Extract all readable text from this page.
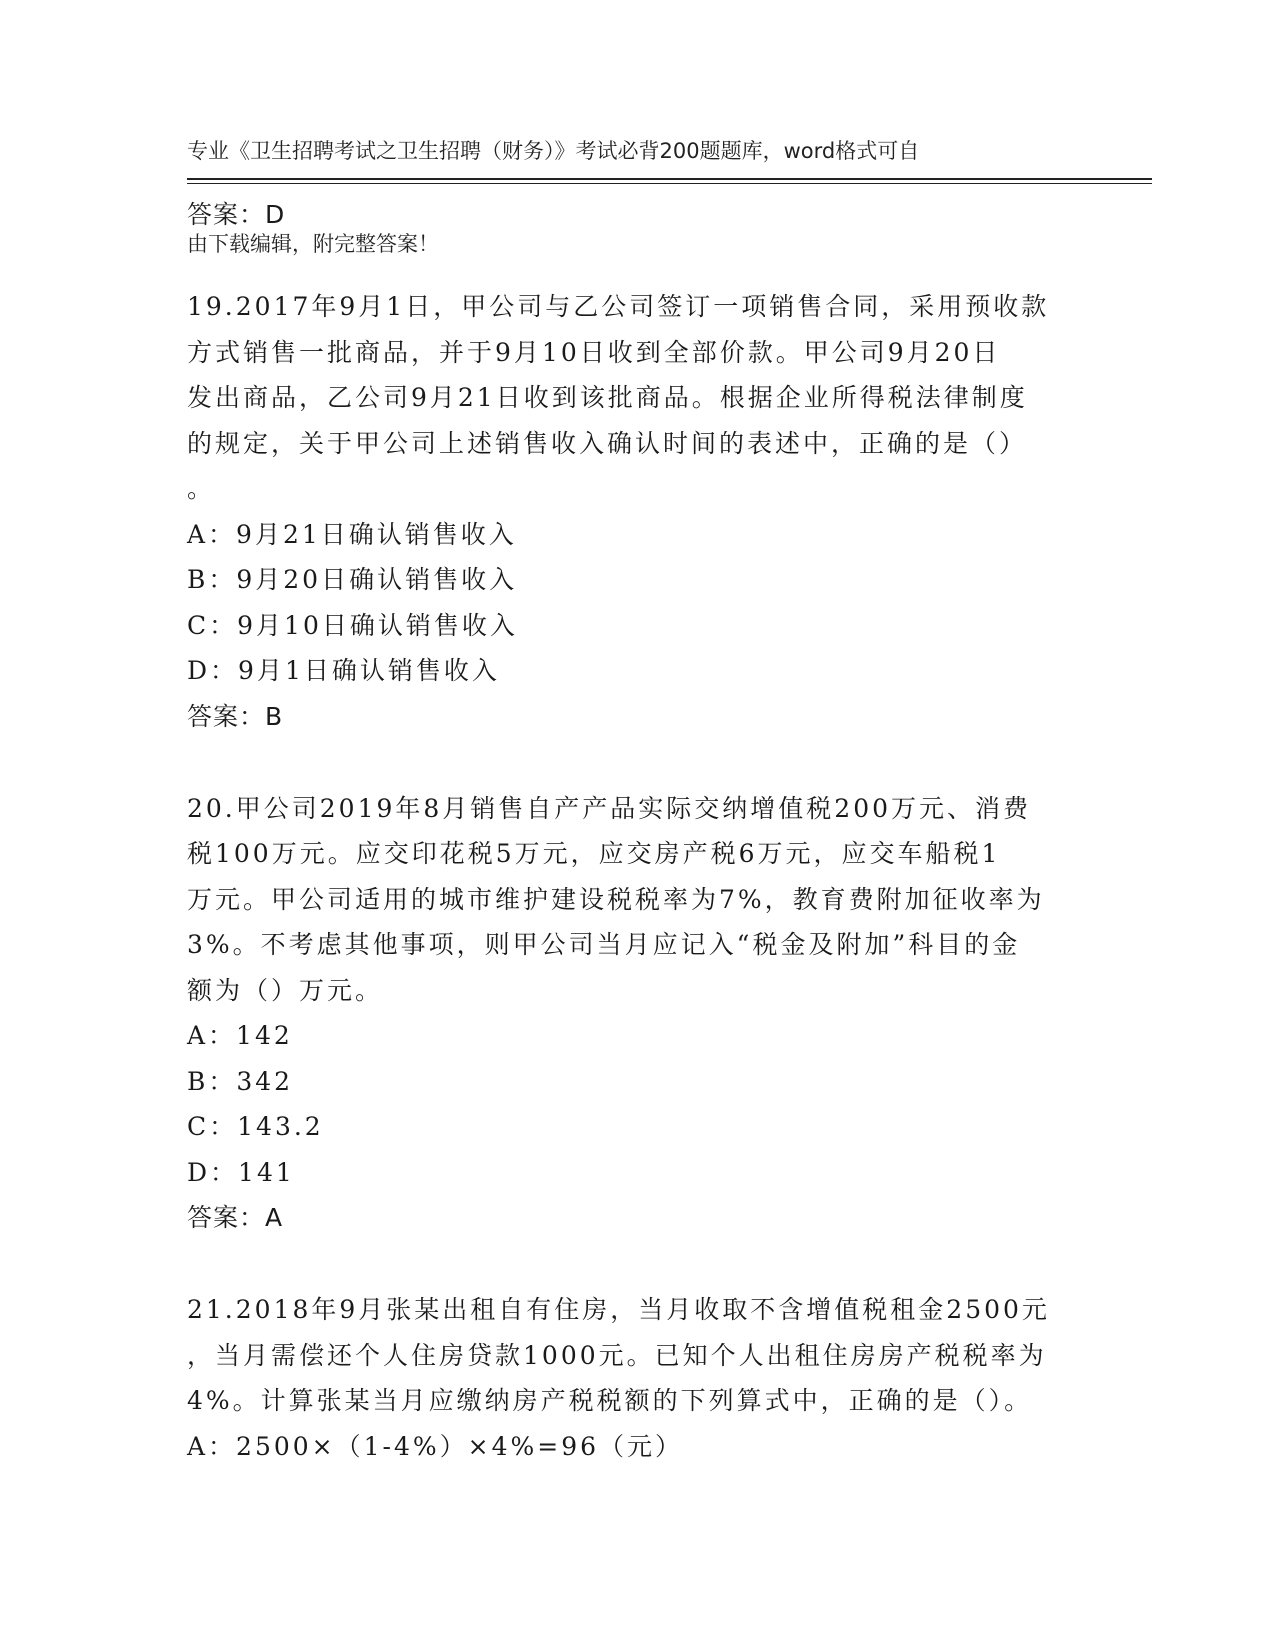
专业《卫生招聘考试之卫生招聘（财务）》考试必背200题题库，word格式可自

由下载编辑，附完整答案！

答案：D

19.2017年9月1日，甲公司与乙公司签订一项销售合同，采用预收款

方式销售一批商品，并于9月10日收到全部价款。甲公司9月20日

发出商品，乙公司9月21日收到该批商品。根据企业所得税法律制度

的规定，关于甲公司上述销售收入确认时间的表述中，正确的是（）

。

A：9月21日确认销售收入

B：9月20日确认销售收入

C：9月10日确认销售收入

D：9月1日确认销售收入

答案：B

20.甲公司2019年8月销售自产产品实际交纳增值税200万元、消费

税100万元。应交印花税5万元，应交房产税6万元，应交车船税1

万元。甲公司适用的城市维护建设税税率为7%，教育费附加征收率为

3%。不考虑其他事项，则甲公司当月应记入“税金及附加”科目的金

额为（）万元。

A：142

B：342

C：143.2

D：141

答案：A

21.2018年9月张某出租自有住房，当月收取不含增值税租金2500元

，当月需偿还个人住房贷款1000元。已知个人出租住房房产税税率为

4%。计算张某当月应缴纳房产税税额的下列算式中，正确的是（）。

A：2500×（1-4%）×4%=96（元）
